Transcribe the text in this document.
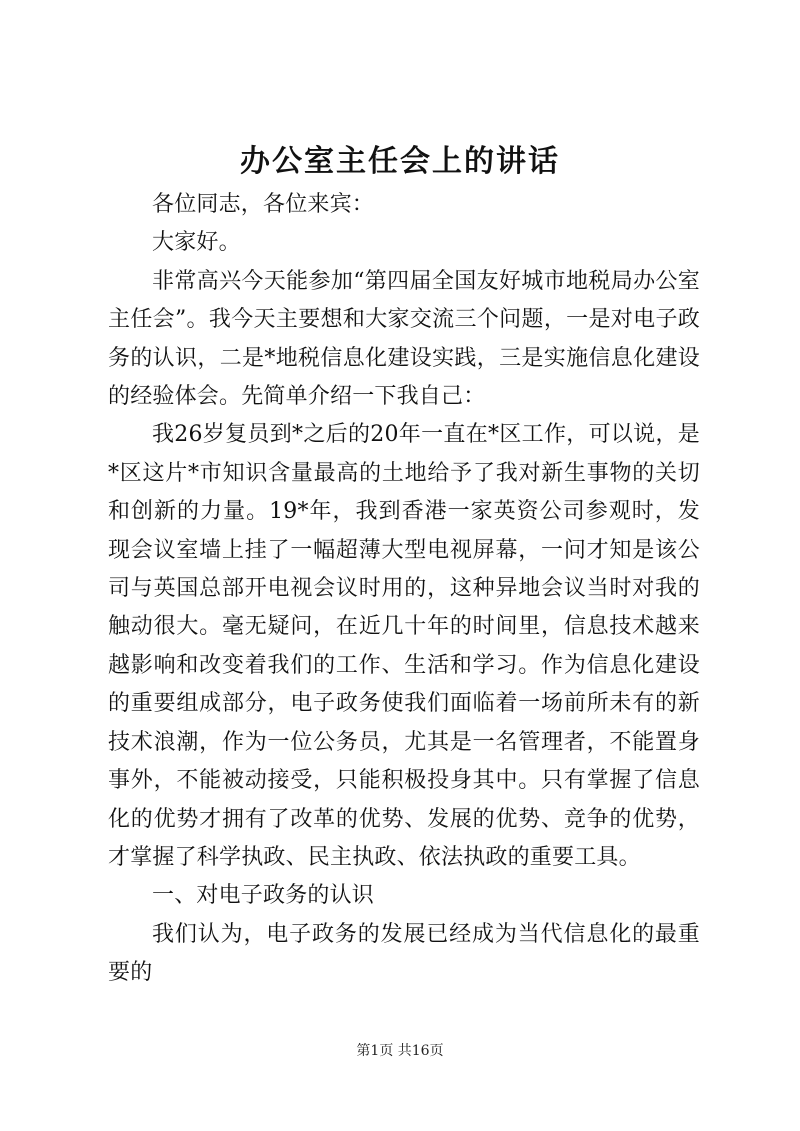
办公室主任会上的讲话

各位同志，各位来宾：

大家好。

非常高兴今天能参加“第四届全国友好城市地税局办公室主任会”。我今天主要想和大家交流三个问题，一是对电子政务的认识，二是*地税信息化建设实践，三是实施信息化建设的经验体会。先简单介绍一下我自己：

我26岁复员到*之后的20年一直在*区工作，可以说，是*区这片*市知识含量最高的土地给予了我对新生事物的关切和创新的力量。19*年，我到香港一家英资公司参观时，发现会议室墙上挂了一幅超薄大型电视屏幕，一问才知是该公司与英国总部开电视会议时用的，这种异地会议当时对我的触动很大。毫无疑问，在近几十年的时间里，信息技术越来越影响和改变着我们的工作、生活和学习。作为信息化建设的重要组成部分，电子政务使我们面临着一场前所未有的新技术浪潮，作为一位公务员，尤其是一名管理者，不能置身事外，不能被动接受，只能积极投身其中。只有掌握了信息化的优势才拥有了改革的优势、发展的优势、竞争的优势，才掌握了科学执政、民主执政、依法执政的重要工具。

一、对电子政务的认识

我们认为，电子政务的发展已经成为当代信息化的最重要的

第1页 共16页
